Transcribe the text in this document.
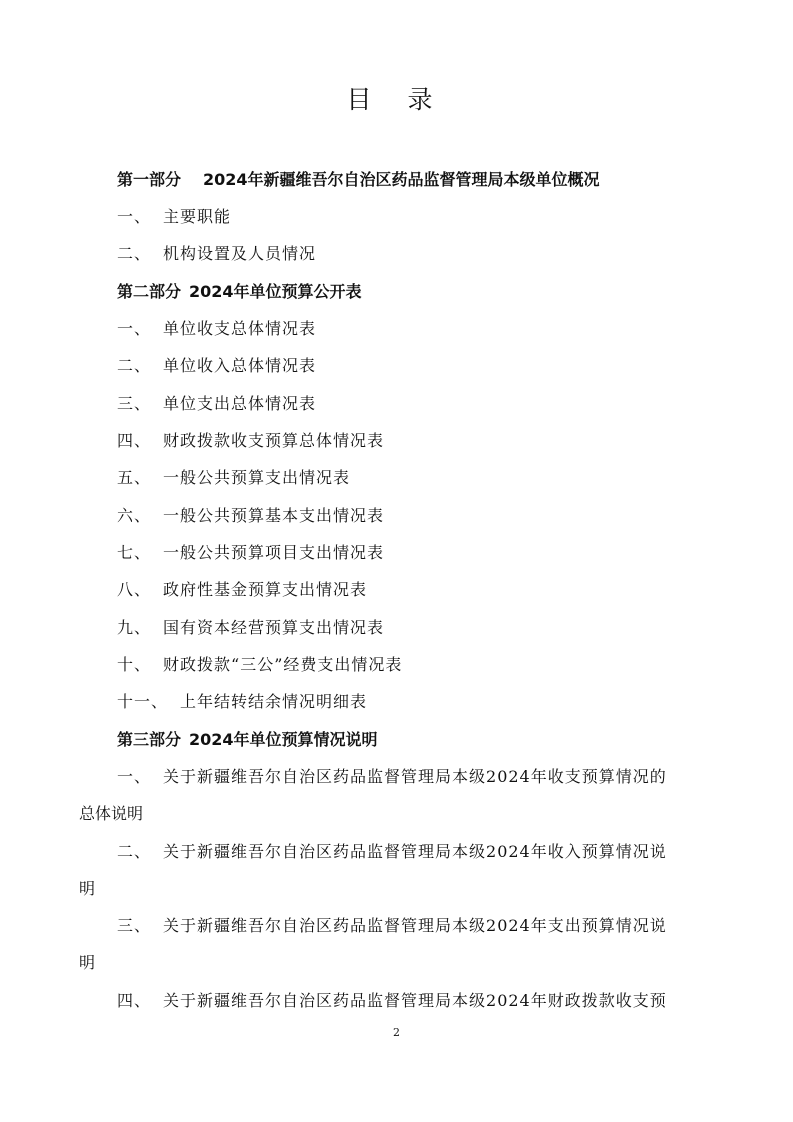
目 录
第一部分 2024年新疆维吾尔自治区药品监督管理局本级单位概况
一、 主要职能
二、 机构设置及人员情况
第二部分 2024年单位预算公开表
一、 单位收支总体情况表
二、 单位收入总体情况表
三、 单位支出总体情况表
四、 财政拨款收支预算总体情况表
五、 一般公共预算支出情况表
六、 一般公共预算基本支出情况表
七、 一般公共预算项目支出情况表
八、 政府性基金预算支出情况表
九、 国有资本经营预算支出情况表
十、 财政拨款“三公”经费支出情况表
十一、 上年结转结余情况明细表
第三部分 2024年单位预算情况说明
一、 关于新疆维吾尔自治区药品监督管理局本级2024年收支预算情况的
总体说明
二、 关于新疆维吾尔自治区药品监督管理局本级2024年收入预算情况说
明
三、 关于新疆维吾尔自治区药品监督管理局本级2024年支出预算情况说
明
四、 关于新疆维吾尔自治区药品监督管理局本级2024年财政拨款收支预
2
